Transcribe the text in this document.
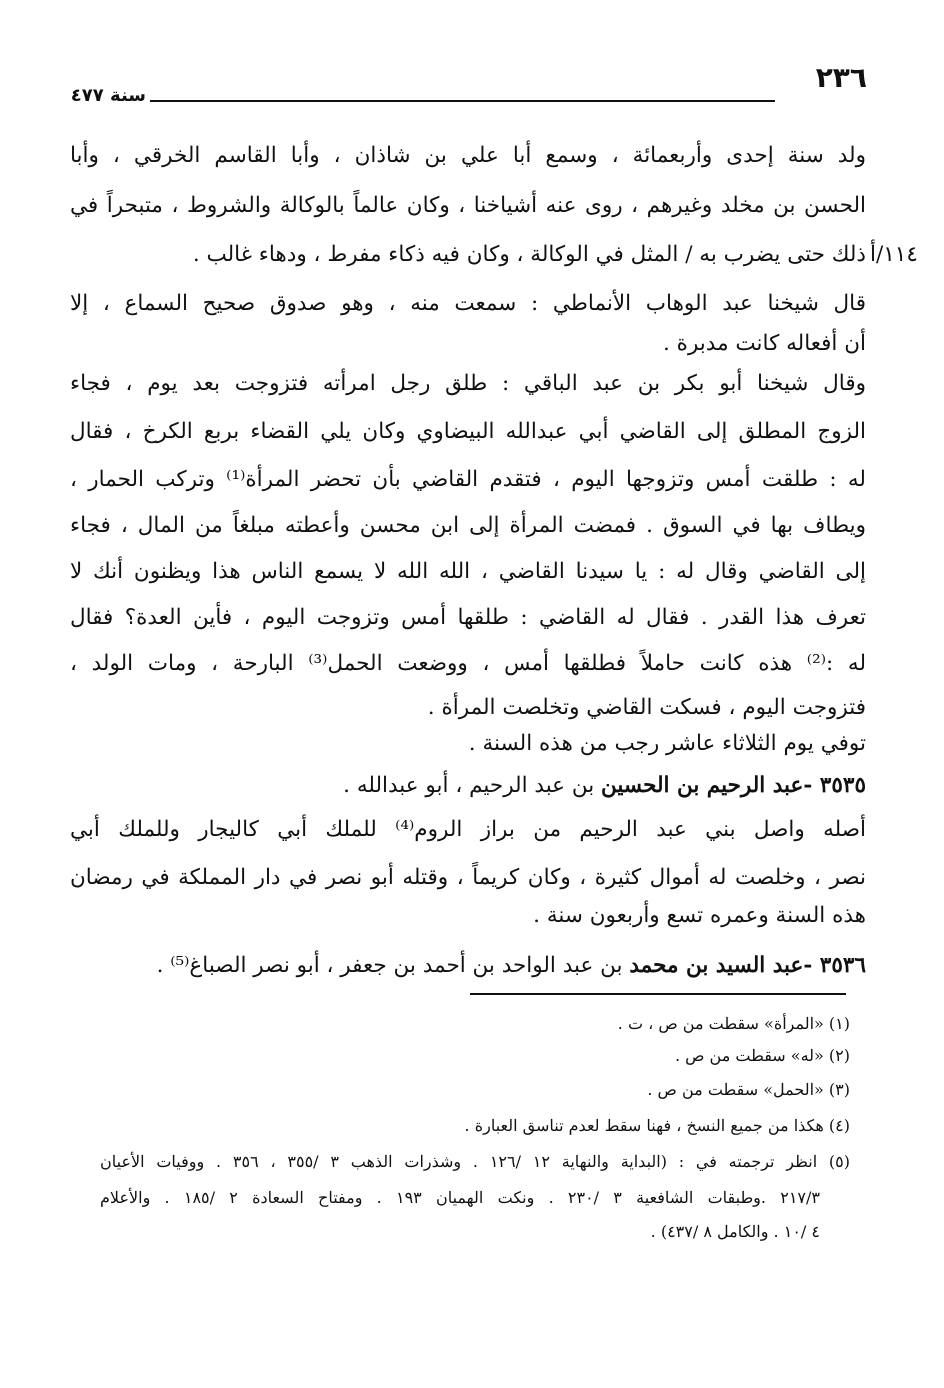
٢٣٦
سنة ٤٧٧
١١٤/أ
ولد سنة إحدى وأربعمائة ، وسمع أبا علي بن شاذان ، وأبا القاسم الخرقي ، وأبا
الحسن بن مخلد وغيرهم ، روى عنه أشياخنا ، وكان عالماً بالوكالة والشروط ، متبحراً في
ذلك حتى يضرب به / المثل في الوكالة ، وكان فيه ذكاء مفرط ، ودهاء غالب .
قال شيخنا عبد الوهاب الأنماطي : سمعت منه ، وهو صدوق صحيح السماع ، إلا
أن أفعاله كانت مدبرة .
وقال شيخنا أبو بكر بن عبد الباقي : طلق رجل امرأته فتزوجت بعد يوم ، فجاء
الزوج المطلق إلى القاضي أبي عبدالله البيضاوي وكان يلي القضاء بربع الكرخ ، فقال
له : طلقت أمس وتزوجها اليوم ، فتقدم القاضي بأن تحضر المرأة⁽¹⁾ وتركب الحمار ،
ويطاف بها في السوق . فمضت المرأة إلى ابن محسن وأعطته مبلغاً من المال ، فجاء
إلى القاضي وقال له : يا سيدنا القاضي ، الله الله لا يسمع الناس هذا ويظنون أنك لا
تعرف هذا القدر . فقال له القاضي : طلقها أمس وتزوجت اليوم ، فأين العدة؟ فقال
له :⁽²⁾ هذه كانت حاملاً فطلقها أمس ، ووضعت الحمل⁽³⁾ البارحة ، ومات الولد ،
فتزوجت اليوم ، فسكت القاضي وتخلصت المرأة .
توفي يوم الثلاثاء عاشر رجب من هذه السنة .
٣٥٣٥ -عبد الرحيم بن الحسين بن عبد الرحيم ، أبو عبدالله .
أصله واصل بني عبد الرحيم من براز الروم⁽⁴⁾ للملك أبي كاليجار وللملك أبي
نصر ، وخلصت له أموال كثيرة ، وكان كريماً ، وقتله أبو نصر في دار المملكة في رمضان
هذه السنة وعمره تسع وأربعون سنة .
٣٥٣٦ -عبد السيد بن محمد بن عبد الواحد بن أحمد بن جعفر ، أبو نصر الصباغ⁽⁵⁾ .
(١) «المرأة» سقطت من ص ، ت .
(٢) «له» سقطت من ص .
(٣) «الحمل» سقطت من ص .
(٤) هكذا من جميع النسخ ، فهنا سقط لعدم تناسق العبارة .
(٥) انظر ترجمته في : (البداية والنهاية ١٢ /١٢٦ . وشذرات الذهب ٣ /٣٥٥ ، ٣٥٦ . ووفيات الأعيان
٢١٧/٣ .وطبقات الشافعية ٣ /٢٣٠ . ونكت الهميان ١٩٣ . ومفتاح السعادة ٢ /١٨٥ . والأعلام
٤ /١٠ . والكامل ٨ /٤٣٧) .
